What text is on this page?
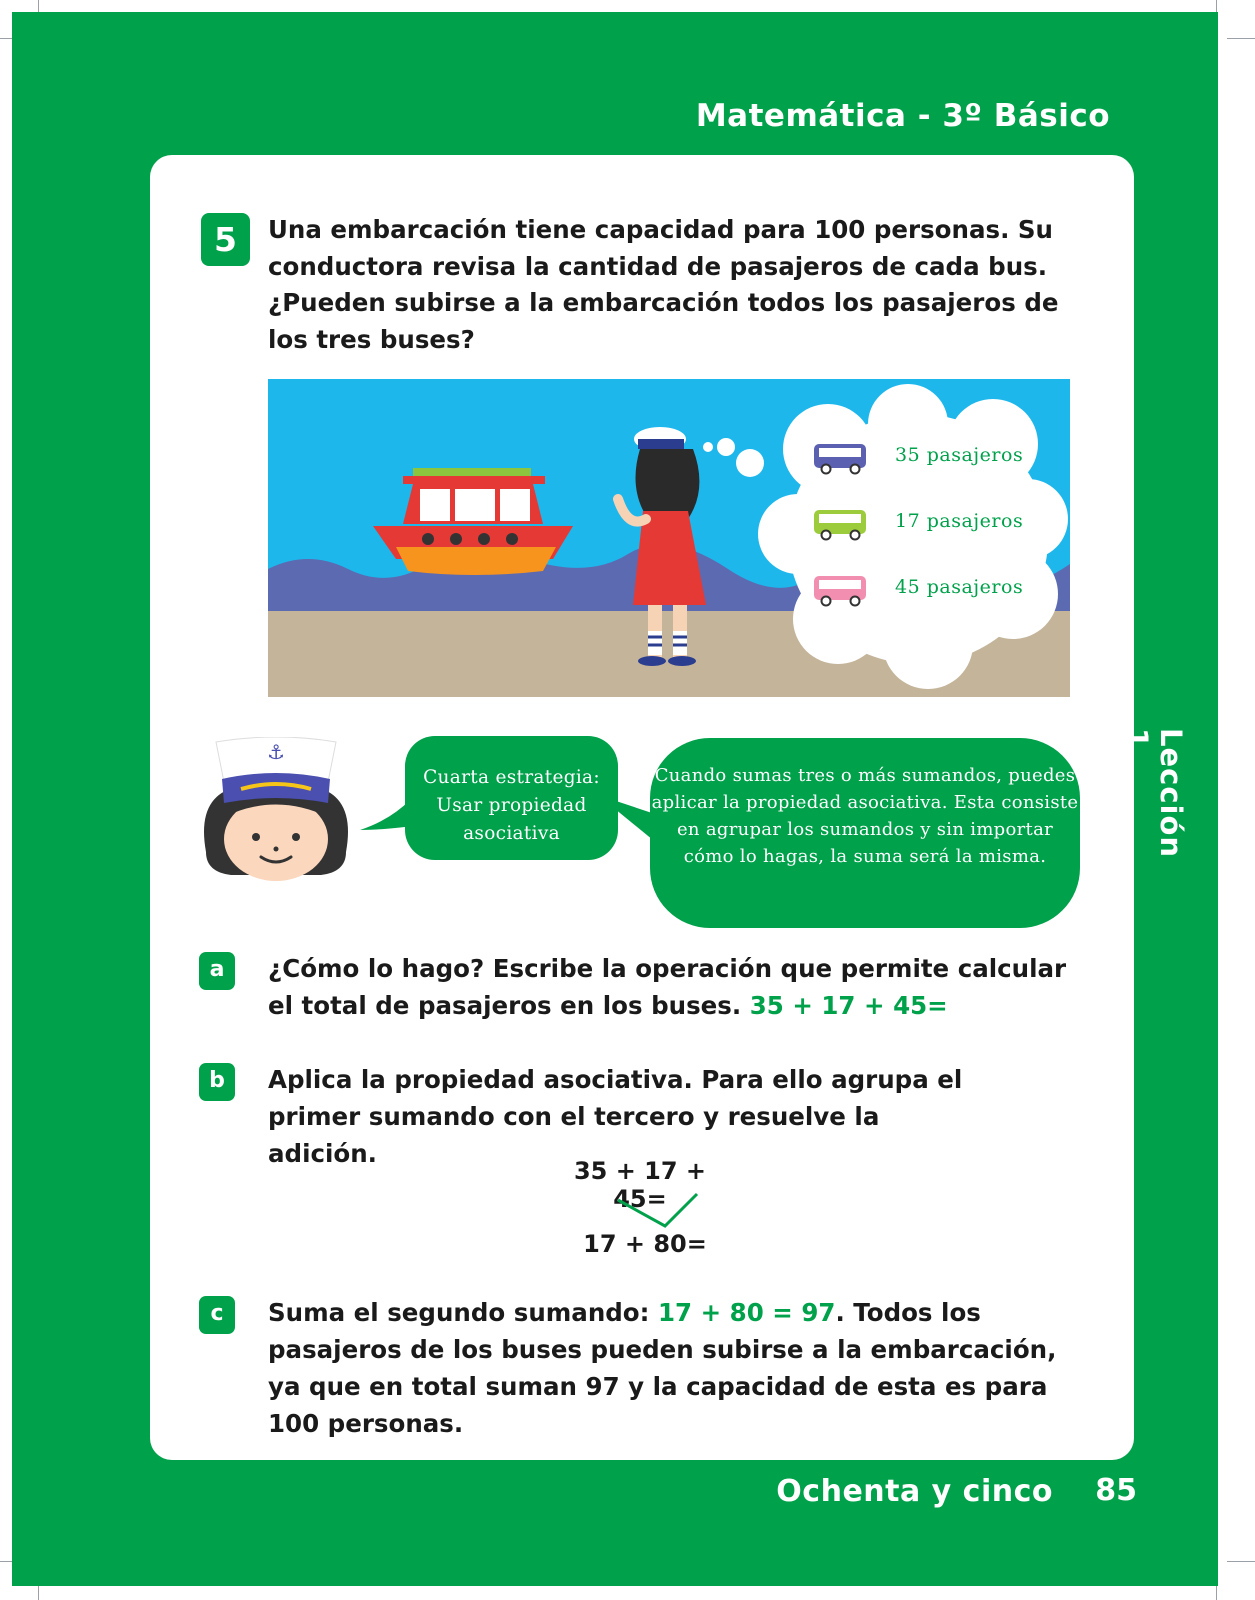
Matemática - 3º Básico
5	Una embarcación tiene capacidad para 100 personas. Su conductora revisa la cantidad de pasajeros de cada bus. ¿Pueden subirse a la embarcación todos los pasajeros de los tres buses?
35 pasajeros
17 pasajeros
45 pasajeros
⚓
Cuarta estrategia: Usar propiedad asociativa
Cuando sumas tres o más sumandos, puedes aplicar la propiedad asociativa. Esta consiste en agrupar los sumandos y sin importar cómo lo hagas, la suma será la misma.	Lección 1
a	¿Cómo lo hago? Escribe la operación que permite calcular el total de pasajeros en los buses. 35 + 17 + 45=
b	Aplica la propiedad asociativa. Para ello agrupa el primer sumando con el tercero y resuelve la adición.
35 + 17 + 45=
17 + 80=
c	Suma el segundo sumando: 17 + 80 = 97. Todos los pasajeros de los buses pueden subirse a la embarcación, ya que en total suman 97 y la capacidad de esta es para 100 personas.
Ochenta y cinco 85
